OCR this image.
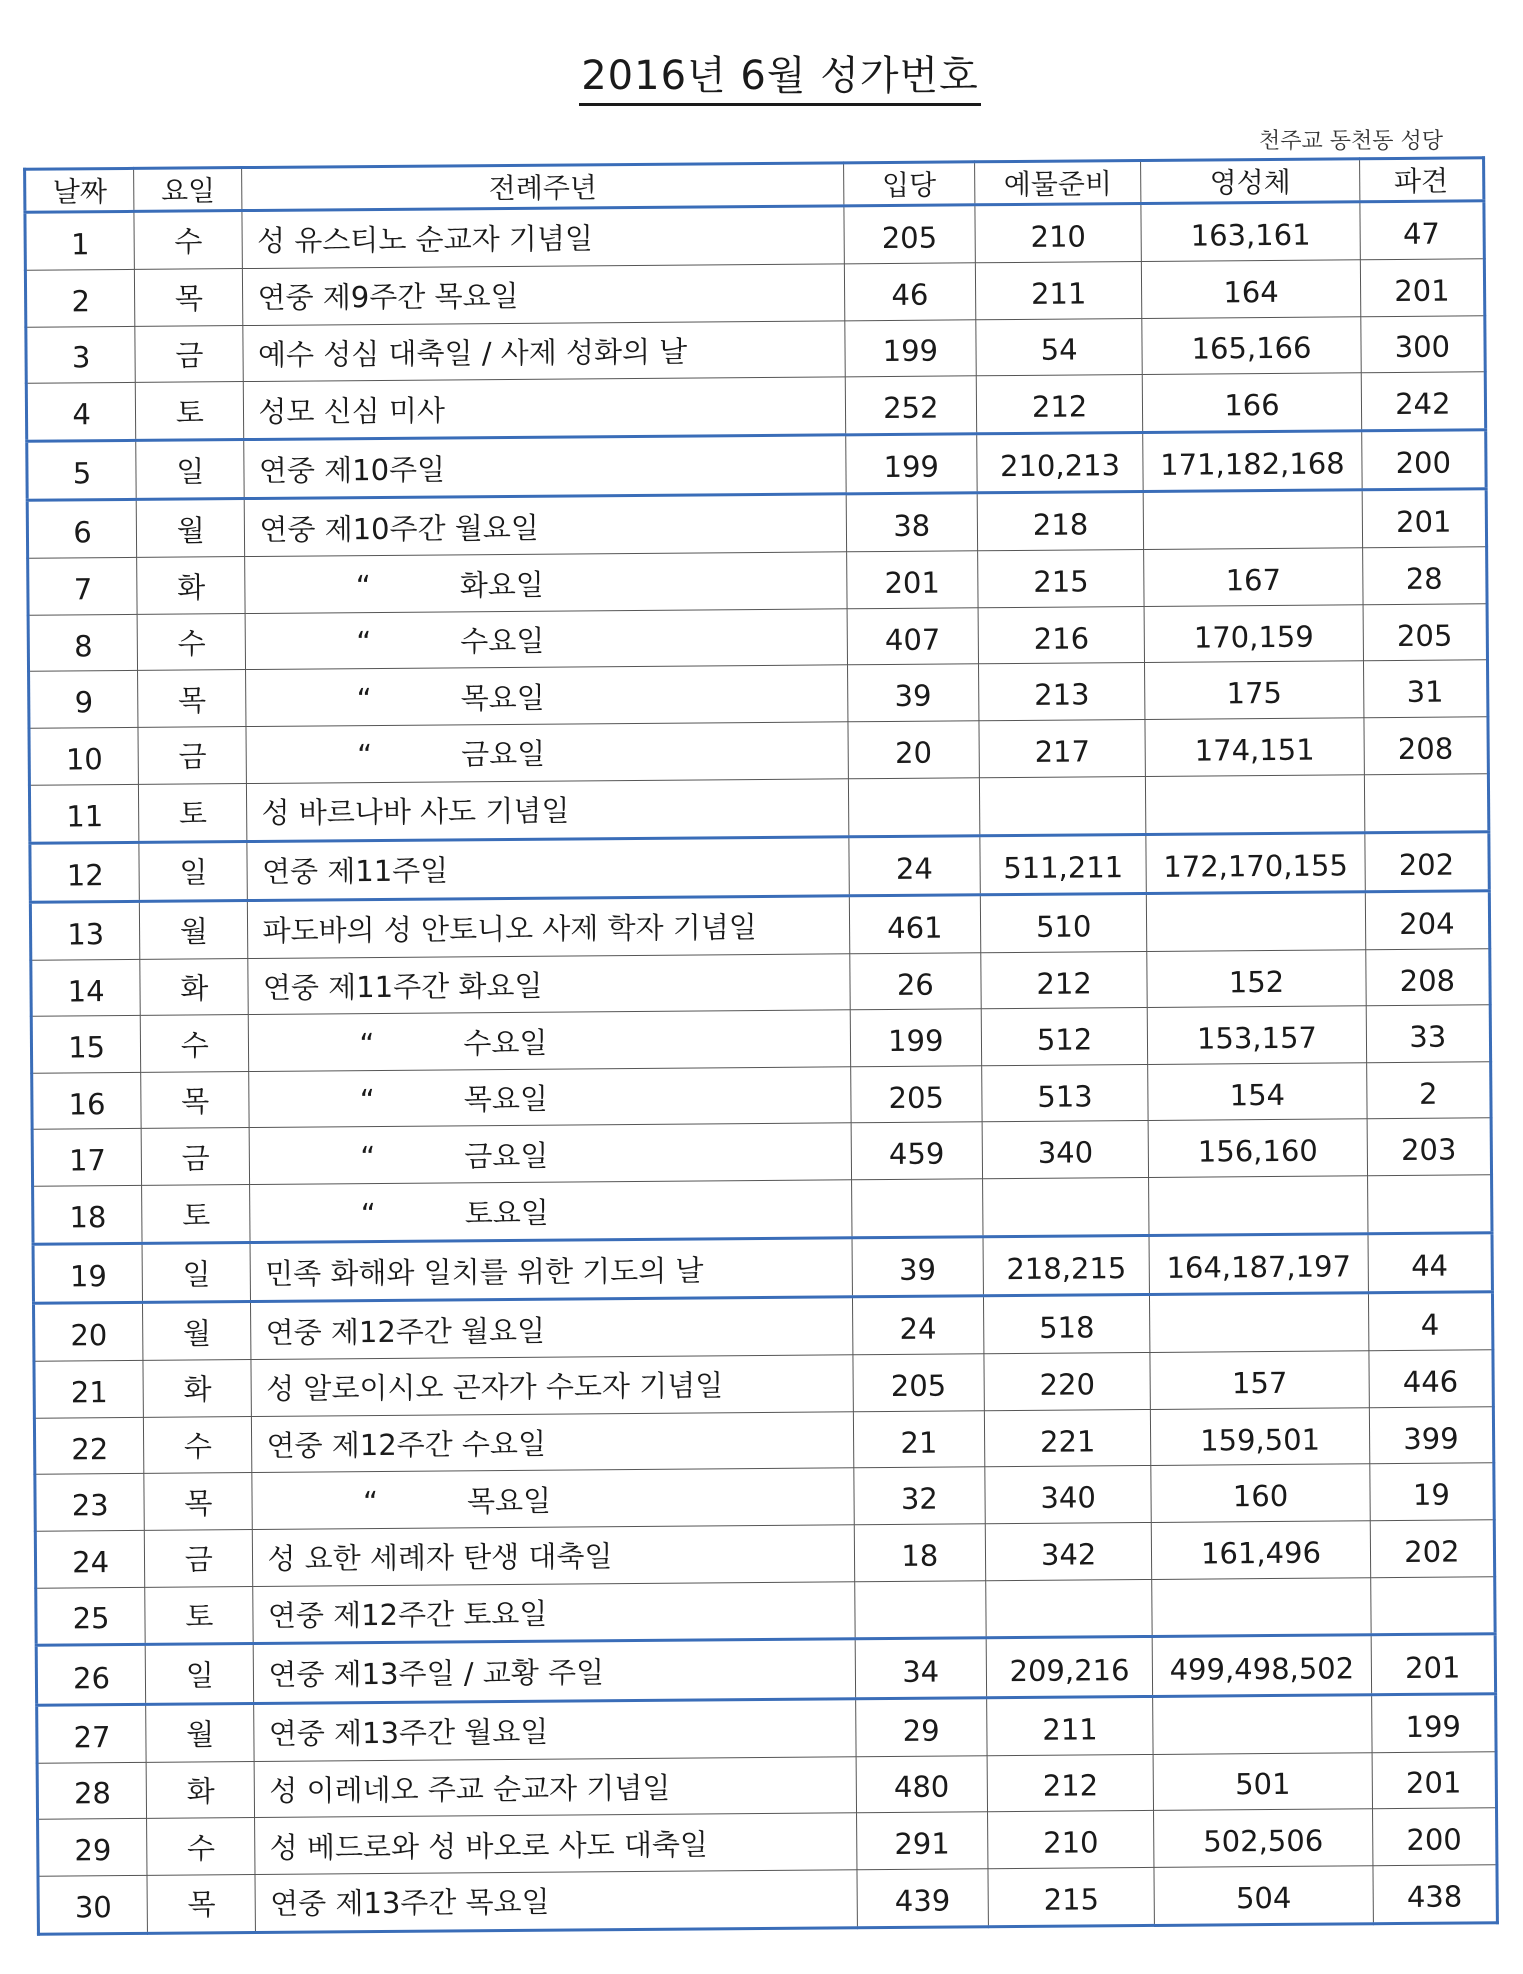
2016년 6월 성가번호
천주교 동천동 성당
날짜	요일	전례주년	입당	예물준비	영성체	파견
1	수	성 유스티노 순교자 기념일	205	210	163,161	47
2	목	연중 제9주간 목요일	46	211	164	201
3	금	예수 성심 대축일 / 사제 성화의 날	199	54	165,166	300
4	토	성모 신심 미사	252	212	166	242
5	일	연중 제10주일	199	210,213	171,182,168	200
6	월	연중 제10주간 월요일	38	218		201
7	화	“ 화요일	201	215	167	28
8	수	“ 수요일	407	216	170,159	205
9	목	“ 목요일	39	213	175	31
10	금	“ 금요일	20	217	174,151	208
11	토	성 바르나바 사도 기념일				
12	일	연중 제11주일	24	511,211	172,170,155	202
13	월	파도바의 성 안토니오 사제 학자 기념일	461	510		204
14	화	연중 제11주간 화요일	26	212	152	208
15	수	“ 수요일	199	512	153,157	33
16	목	“ 목요일	205	513	154	2
17	금	“ 금요일	459	340	156,160	203
18	토	“ 토요일				
19	일	민족 화해와 일치를 위한 기도의 날	39	218,215	164,187,197	44
20	월	연중 제12주간 월요일	24	518		4
21	화	성 알로이시오 곤자가 수도자 기념일	205	220	157	446
22	수	연중 제12주간 수요일	21	221	159,501	399
23	목	“ 목요일	32	340	160	19
24	금	성 요한 세례자 탄생 대축일	18	342	161,496	202
25	토	연중 제12주간 토요일				
26	일	연중 제13주일 / 교황 주일	34	209,216	499,498,502	201
27	월	연중 제13주간 월요일	29	211		199
28	화	성 이레네오 주교 순교자 기념일	480	212	501	201
29	수	성 베드로와 성 바오로 사도 대축일	291	210	502,506	200
30	목	연중 제13주간 목요일	439	215	504	438
